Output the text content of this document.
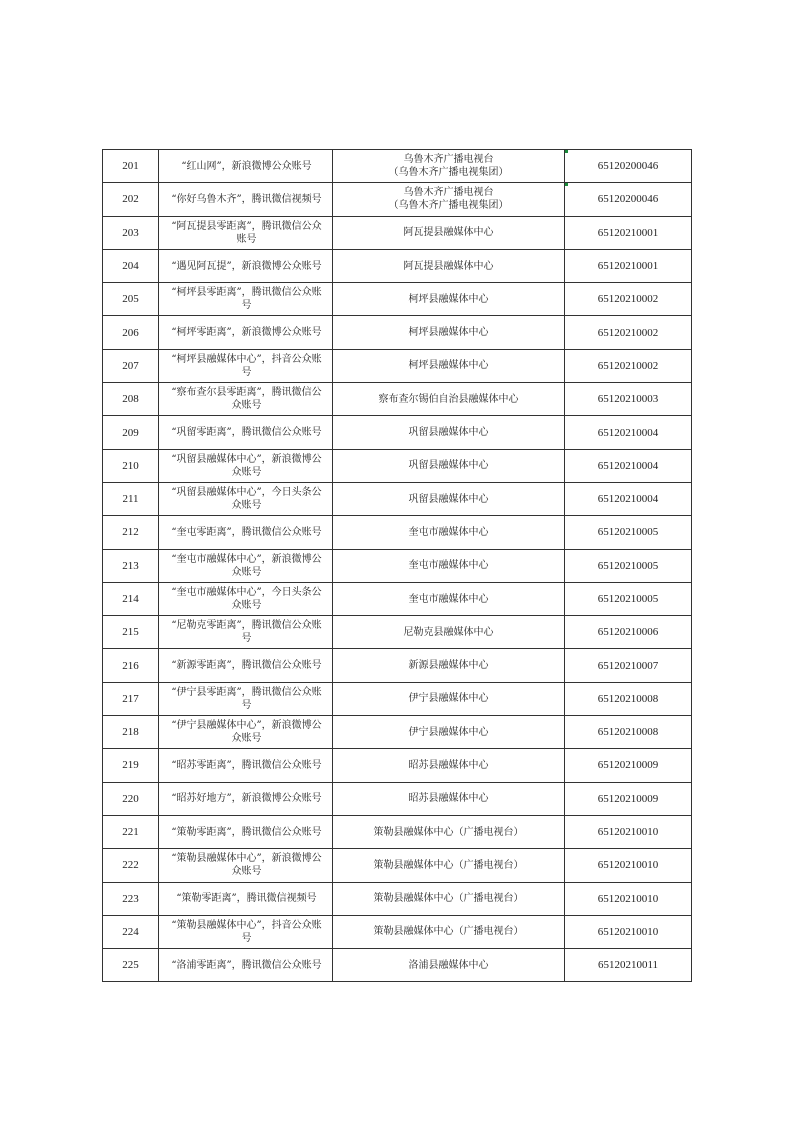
201	“红山网”，新浪微博公众账号	乌鲁木齐广播电视台
（乌鲁木齐广播电视集团）	65120200046
202	“你好乌鲁木齐”，腾讯微信视频号	乌鲁木齐广播电视台
（乌鲁木齐广播电视集团）	65120200046
203	“阿瓦提县零距离”，腾讯微信公众账号	阿瓦提县融媒体中心	65120210001
204	“遇见阿瓦提”，新浪微博公众账号	阿瓦提县融媒体中心	65120210001
205	“柯坪县零距离”，腾讯微信公众账号	柯坪县融媒体中心	65120210002
206	“柯坪零距离”，新浪微博公众账号	柯坪县融媒体中心	65120210002
207	“柯坪县融媒体中心”，抖音公众账号	柯坪县融媒体中心	65120210002
208	“察布查尔县零距离”，腾讯微信公众账号	察布查尔锡伯自治县融媒体中心	65120210003
209	“巩留零距离”，腾讯微信公众账号	巩留县融媒体中心	65120210004
210	“巩留县融媒体中心”，新浪微博公众账号	巩留县融媒体中心	65120210004
211	“巩留县融媒体中心”，今日头条公众账号	巩留县融媒体中心	65120210004
212	“奎屯零距离”，腾讯微信公众账号	奎屯市融媒体中心	65120210005
213	“奎屯市融媒体中心”，新浪微博公众账号	奎屯市融媒体中心	65120210005
214	“奎屯市融媒体中心”，今日头条公众账号	奎屯市融媒体中心	65120210005
215	“尼勒克零距离”，腾讯微信公众账号	尼勒克县融媒体中心	65120210006
216	“新源零距离”，腾讯微信公众账号	新源县融媒体中心	65120210007
217	“伊宁县零距离”，腾讯微信公众账号	伊宁县融媒体中心	65120210008
218	“伊宁县融媒体中心”，新浪微博公众账号	伊宁县融媒体中心	65120210008
219	“昭苏零距离”，腾讯微信公众账号	昭苏县融媒体中心	65120210009
220	“昭苏好地方”，新浪微博公众账号	昭苏县融媒体中心	65120210009
221	“策勒零距离”，腾讯微信公众账号	策勒县融媒体中心（广播电视台）	65120210010
222	“策勒县融媒体中心”，新浪微博公众账号	策勒县融媒体中心（广播电视台）	65120210010
223	“策勒零距离”，腾讯微信视频号	策勒县融媒体中心（广播电视台）	65120210010
224	“策勒县融媒体中心”，抖音公众账号	策勒县融媒体中心（广播电视台）	65120210010
225	“洛浦零距离”，腾讯微信公众账号	洛浦县融媒体中心	65120210011
